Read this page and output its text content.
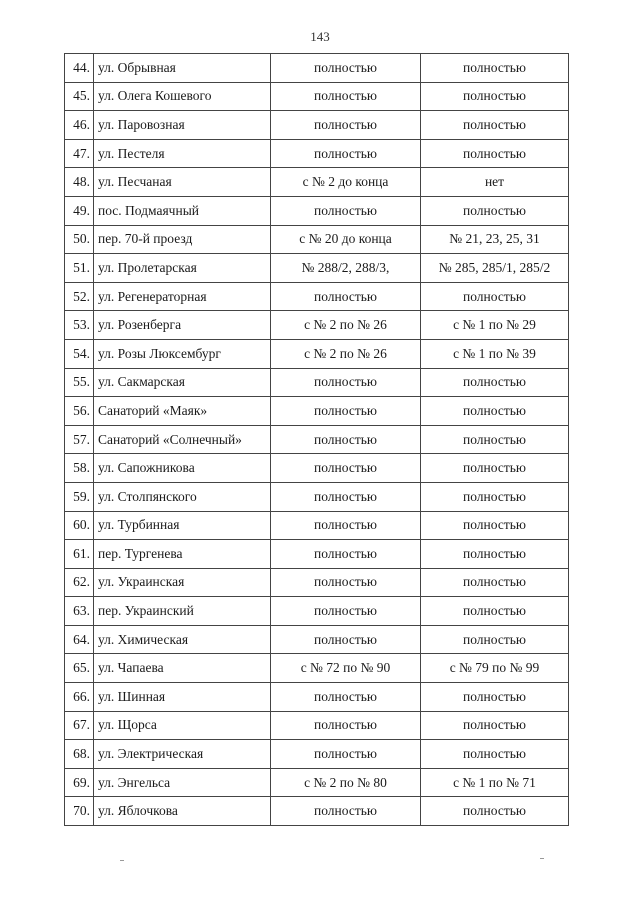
143
44.	ул. Обрывная	полностью	полностью
45.	ул. Олега Кошевого	полностью	полностью
46.	ул. Паровозная	полностью	полностью
47.	ул. Пестеля	полностью	полностью
48.	ул. Песчаная	с № 2 до конца	нет
49.	пос. Подмаячный	полностью	полностью
50.	пер. 70-й проезд	с № 20 до конца	№ 21, 23, 25, 31
51.	ул. Пролетарская	№ 288/2, 288/3,	№ 285, 285/1, 285/2
52.	ул. Регенераторная	полностью	полностью
53.	ул. Розенберга	с № 2 по № 26	с № 1 по № 29
54.	ул. Розы Люксембург	с № 2 по № 26	с № 1 по № 39
55.	ул. Сакмарская	полностью	полностью
56.	Санаторий «Маяк»	полностью	полностью
57.	Санаторий «Солнечный»	полностью	полностью
58.	ул. Сапожникова	полностью	полностью
59.	ул. Столпянского	полностью	полностью
60.	ул. Турбинная	полностью	полностью
61.	пер. Тургенева	полностью	полностью
62.	ул. Украинская	полностью	полностью
63.	пер. Украинский	полностью	полностью
64.	ул. Химическая	полностью	полностью
65.	ул. Чапаева	с № 72 по № 90	с № 79 по № 99
66.	ул. Шинная	полностью	полностью
67.	ул. Щорса	полностью	полностью
68.	ул. Электрическая	полностью	полностью
69.	ул. Энгельса	с № 2 по № 80	с № 1 по № 71
70.	ул. Яблочкова	полностью	полностью
